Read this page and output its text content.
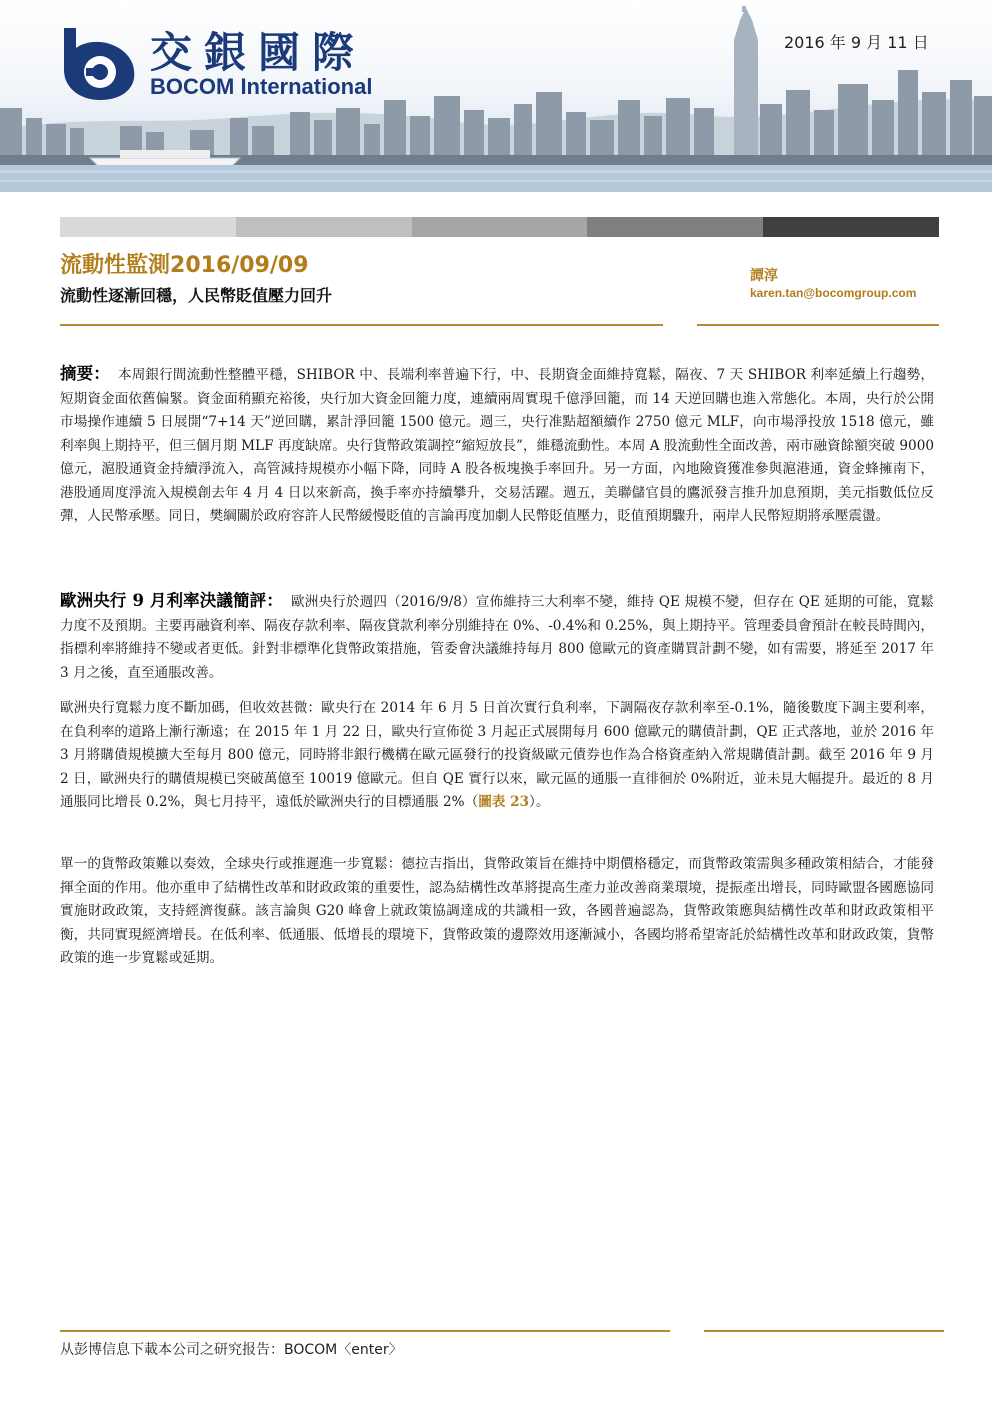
交銀國際
BOCOM International
2016 年 9 月 11 日
流動性監測2016/09/09
流動性逐漸回穩，人民幣貶值壓力回升
譚淳
karen.tan@bocomgroup.com
摘要： 本周銀行間流動性整體平穩，SHIBOR 中、長端利率普遍下行，中、長期資金面維持寬鬆，隔夜、7 天 SHIBOR 利率延續上行趨勢，短期資金面依舊偏緊。資金面稍顯充裕後，央行加大資金回籠力度，連續兩周實現千億淨回籠，而 14 天逆回購也進入常態化。本周，央行於公開市場操作連續 5 日展開“7+14 天”逆回購，累計淨回籠 1500 億元。週三，央行准點超額續作 2750 億元 MLF，向市場淨投放 1518 億元，雖利率與上期持平，但三個月期 MLF 再度缺席。央行貨幣政策調控“縮短放長”，維穩流動性。本周 A 股流動性全面改善，兩市融資餘額突破 9000 億元，滬股通資金持續淨流入，高管減持規模亦小幅下降，同時 A 股各板塊換手率回升。另一方面，內地險資獲准參與滬港通，資金蜂擁南下，港股通周度淨流入規模創去年 4 月 4 日以來新高，換手率亦持續攀升，交易活躍。週五，美聯儲官員的鷹派發言推升加息預期，美元指數低位反彈，人民幣承壓。同日，樊綱關於政府容許人民幣緩慢貶值的言論再度加劇人民幣貶值壓力，貶值預期驟升，兩岸人民幣短期將承壓震盪。
歐洲央行 9 月利率決議簡評： 歐洲央行於週四（2016/9/8）宣佈維持三大利率不變，維持 QE 規模不變，但存在 QE 延期的可能，寬鬆力度不及預期。主要再融資利率、隔夜存款利率、隔夜貸款利率分別維持在 0%、-0.4%和 0.25%，與上期持平。管理委員會預計在較長時間內，指標利率將維持不變或者更低。針對非標準化貨幣政策措施，管委會決議維持每月 800 億歐元的資產購買計劃不變，如有需要，將延至 2017 年 3 月之後，直至通脹改善。
歐洲央行寬鬆力度不斷加碼，但收效甚微：歐央行在 2014 年 6 月 5 日首次實行負利率，下調隔夜存款利率至-0.1%，隨後數度下調主要利率，在負利率的道路上漸行漸遠；在 2015 年 1 月 22 日，歐央行宣佈從 3 月起正式展開每月 600 億歐元的購債計劃，QE 正式落地，並於 2016 年 3 月將購債規模擴大至每月 800 億元，同時將非銀行機構在歐元區發行的投資級歐元債券也作為合格資產納入常規購債計劃。截至 2016 年 9 月 2 日，歐洲央行的購債規模已突破萬億至 10019 億歐元。但自 QE 實行以來，歐元區的通脹一直徘徊於 0%附近，並未見大幅提升。最近的 8 月通脹同比增長 0.2%，與七月持平，遠低於歐洲央行的目標通脹 2%（圖表 23）。
單一的貨幣政策難以奏效，全球央行或推遲進一步寬鬆：德拉吉指出，貨幣政策旨在維持中期價格穩定，而貨幣政策需與多種政策相結合，才能發揮全面的作用。他亦重申了結構性改革和財政政策的重要性，認為結構性改革將提高生產力並改善商業環境，提振產出增長，同時歐盟各國應協同實施財政政策，支持經濟復蘇。該言論與 G20 峰會上就政策協調達成的共識相一致，各國普遍認為，貨幣政策應與結構性改革和財政政策相平衡，共同實現經濟增長。在低利率、低通脹、低增長的環境下，貨幣政策的邊際效用逐漸減小，各國均將希望寄託於結構性改革和財政政策，貨幣政策的進一步寬鬆或延期。
从彭博信息下載本公司之研究报告：BOCOM〈enter〉
